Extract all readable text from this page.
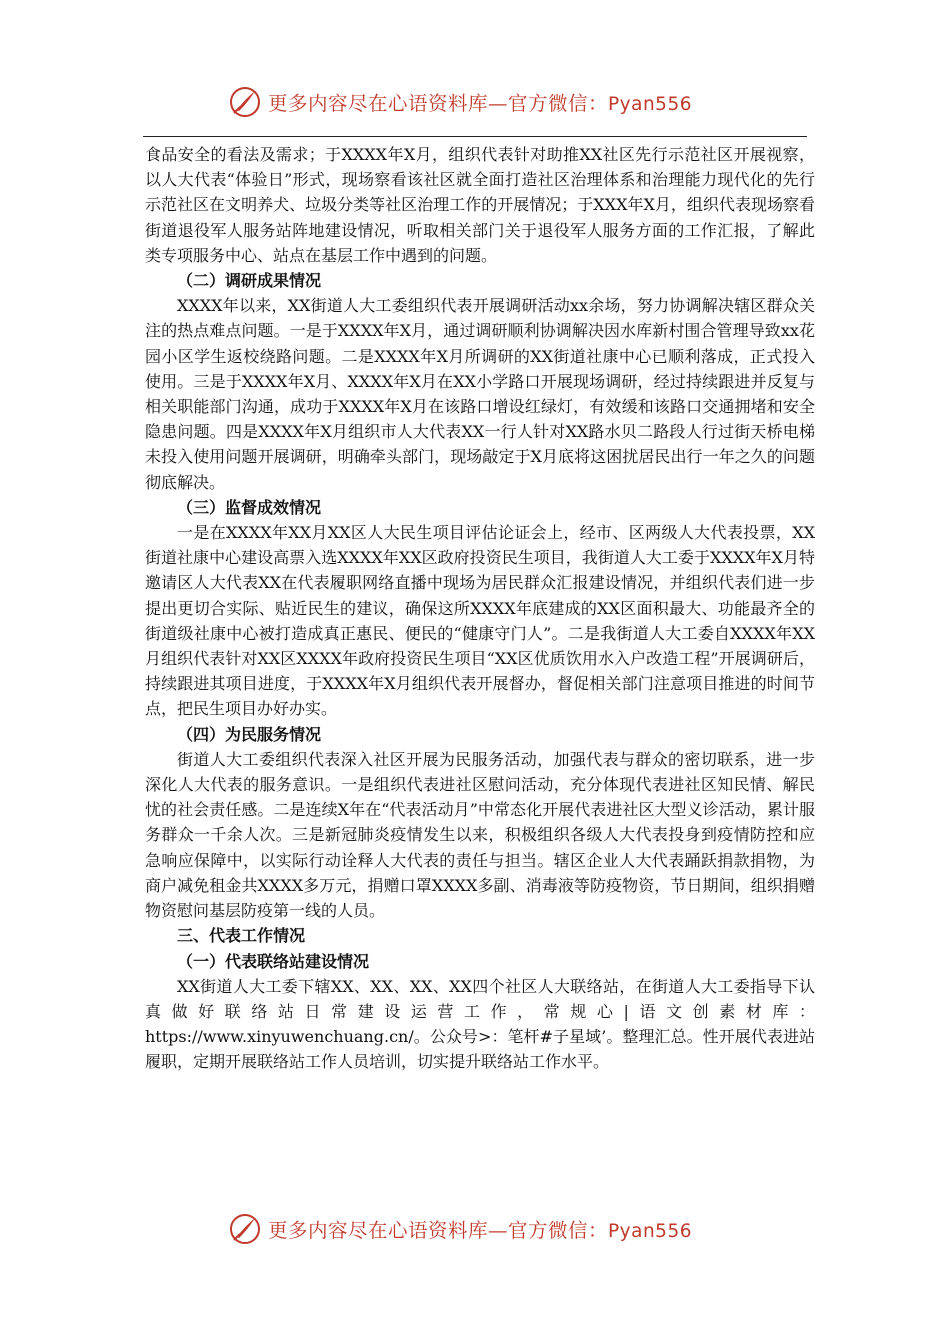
更多内容尽在心语资料库—官方微信：Pyan556

食品安全的看法及需求；于XXXX年X月，组织代表针对助推XX社区先行示范社区开展视察，以人大代表“体验日”形式，现场察看该社区就全面打造社区治理体系和治理能力现代化的先行示范社区在文明养犬、垃圾分类等社区治理工作的开展情况；于XXX年X月，组织代表现场察看街道退役军人服务站阵地建设情况，听取相关部门关于退役军人服务方面的工作汇报，了解此类专项服务中心、站点在基层工作中遇到的问题。

（二）调研成果情况

XXXX年以来，XX街道人大工委组织代表开展调研活动xx余场，努力协调解决辖区群众关注的热点难点问题。一是于XXXX年X月，通过调研顺利协调解决因水库新村围合管理导致xx花园小区学生返校绕路问题。二是XXXX年X月所调研的XX街道社康中心已顺利落成，正式投入使用。三是于XXXX年X月、XXXX年X月在XX小学路口开展现场调研，经过持续跟进并反复与相关职能部门沟通，成功于XXXX年X月在该路口增设红绿灯，有效缓和该路口交通拥堵和安全隐患问题。四是XXXX年X月组织市人大代表XX一行人针对XX路水贝二路段人行过街天桥电梯未投入使用问题开展调研，明确牵头部门，现场敲定于X月底将这困扰居民出行一年之久的问题彻底解决。

（三）监督成效情况

一是在XXXX年XX月XX区人大民生项目评估论证会上，经市、区两级人大代表投票，XX街道社康中心建设高票入选XXXX年XX区政府投资民生项目，我街道人大工委于XXXX年X月特邀请区人大代表XX在代表履职网络直播中现场为居民群众汇报建设情况，并组织代表们进一步提出更切合实际、贴近民生的建议，确保这所XXXX年底建成的XX区面积最大、功能最齐全的街道级社康中心被打造成真正惠民、便民的“健康守门人”。二是我街道人大工委自XXXX年XX月组织代表针对XX区XXXX年政府投资民生项目“XX区优质饮用水入户改造工程”开展调研后，持续跟进其项目进度，于XXXX年X月组织代表开展督办，督促相关部门注意项目推进的时间节点，把民生项目办好办实。

（四）为民服务情况

街道人大工委组织代表深入社区开展为民服务活动，加强代表与群众的密切联系，进一步深化人大代表的服务意识。一是组织代表进社区慰问活动，充分体现代表进社区知民情、解民忧的社会责任感。二是连续X年在“代表活动月”中常态化开展代表进社区大型义诊活动，累计服务群众一千余人次。三是新冠肺炎疫情发生以来，积极组织各级人大代表投身到疫情防控和应急响应保障中，以实际行动诠释人大代表的责任与担当。辖区企业人大代表踊跃捐款捐物，为商户减免租金共XXXX多万元，捐赠口罩XXXX多副、消毒液等防疫物资，节日期间，组织捐赠物资慰问基层防疫第一线的人员。

三、代表工作情况

（一）代表联络站建设情况

XX街道人大工委下辖XX、XX、XX、XX四个社区人大联络站，在街道人大工委指导下认真做好联络站日常建设运营工作，常规心|语文创素材库：https://www.xinyuwenchuang.cn/。公众号>：笔杆#子星域’。整理汇总。性开展代表进站履职，定期开展联络站工作人员培训，切实提升联络站工作水平。

更多内容尽在心语资料库—官方微信：Pyan556
